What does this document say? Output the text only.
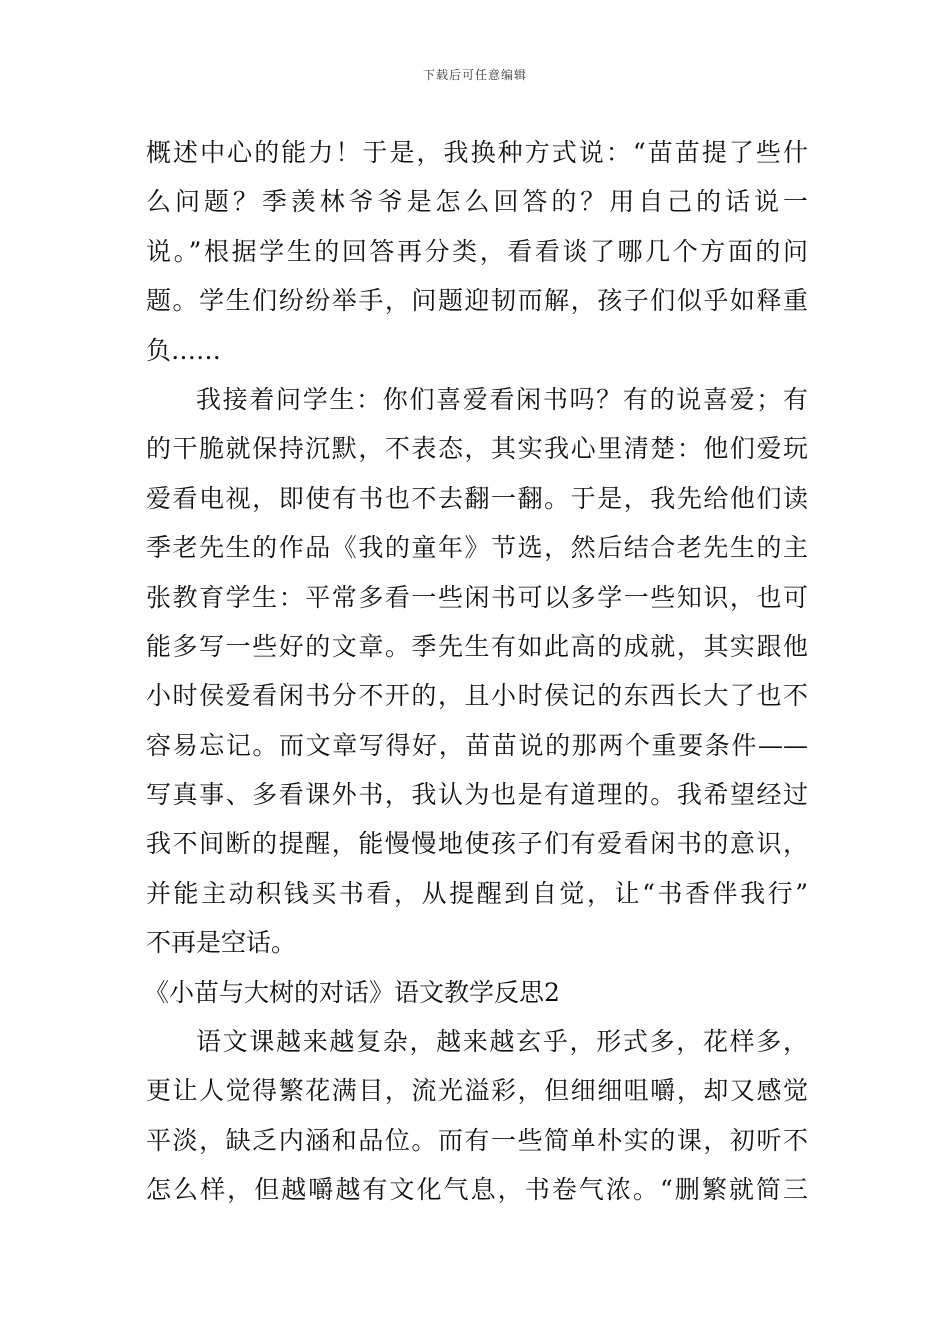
下载后可任意编辑
概述中心的能力！于是，我换种方式说：“苗苗提了些什
么问题？季羡林爷爷是怎么回答的？用自己的话说一
说。”根据学生的回答再分类，看看谈了哪几个方面的问
题。学生们纷纷举手，问题迎韧而解，孩子们似乎如释重
负……
我接着问学生：你们喜爱看闲书吗？有的说喜爱；有
的干脆就保持沉默，不表态，其实我心里清楚：他们爱玩
爱看电视，即使有书也不去翻一翻。于是，我先给他们读
季老先生的作品《我的童年》节选，然后结合老先生的主
张教育学生：平常多看一些闲书可以多学一些知识，也可
能多写一些好的文章。季先生有如此高的成就，其实跟他
小时侯爱看闲书分不开的，且小时侯记的东西长大了也不
容易忘记。而文章写得好，苗苗说的那两个重要条件——
写真事、多看课外书，我认为也是有道理的。我希望经过
我不间断的提醒，能慢慢地使孩子们有爱看闲书的意识，
并能主动积钱买书看，从提醒到自觉，让“书香伴我行”
不再是空话。
《小苗与大树的对话》语文教学反思2
语文课越来越复杂，越来越玄乎，形式多，花样多，
更让人觉得繁花满目，流光溢彩，但细细咀嚼，却又感觉
平淡，缺乏内涵和品位。而有一些简单朴实的课，初听不
怎么样，但越嚼越有文化气息，书卷气浓。“删繁就简三
